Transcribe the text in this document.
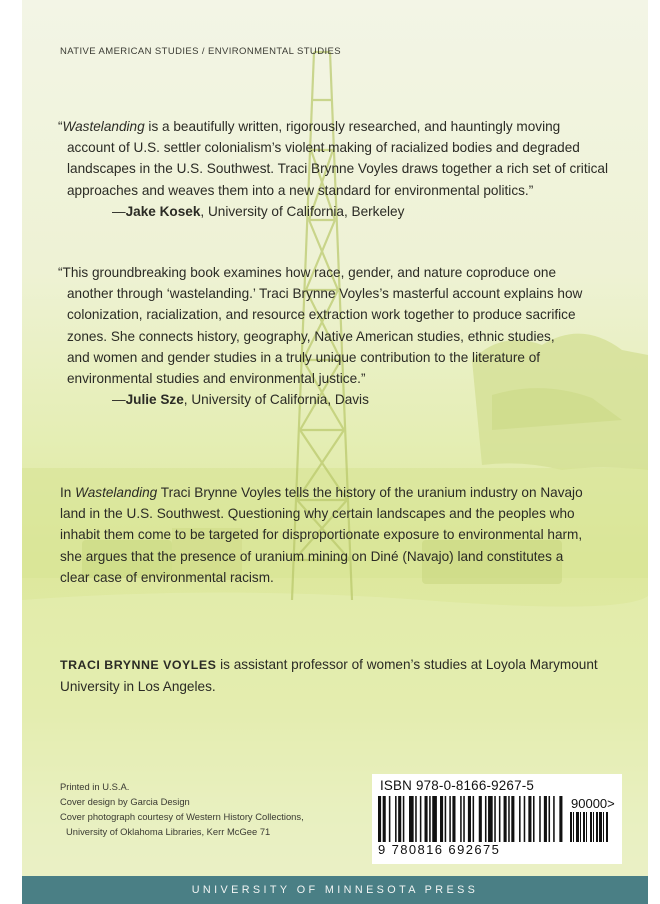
NATIVE AMERICAN STUDIES / ENVIRONMENTAL STUDIES

“Wastelanding is a beautifully written, rigorously researched, and hauntingly moving

account of U.S. settler colonialism’s violent making of racialized bodies and degraded

landscapes in the U.S. Southwest. Traci Brynne Voyles draws together a rich set of critical

approaches and weaves them into a new standard for environmental politics.”

—Jake Kosek, University of California, Berkeley

“This groundbreaking book examines how race, gender, and nature coproduce one

another through ‘wastelanding.’ Traci Brynne Voyles’s masterful account explains how

colonization, racialization, and resource extraction work together to produce sacrifice

zones. She connects history, geography, Native American studies, ethnic studies,

and women and gender studies in a truly unique contribution to the literature of

environmental studies and environmental justice.”

—Julie Sze, University of California, Davis

In Wastelanding Traci Brynne Voyles tells the history of the uranium industry on Navajo

land in the U.S. Southwest. Questioning why certain landscapes and the peoples who

inhabit them come to be targeted for disproportionate exposure to environmental harm,

she argues that the presence of uranium mining on Diné (Navajo) land constitutes a

clear case of environmental racism.

TRACI BRYNNE VOYLES is assistant professor of women’s studies at Loyola Marymount

University in Los Angeles.

Printed in U.S.A.
Cover design by Garcia Design
Cover photograph courtesy of Western History Collections,
University of Oklahoma Libraries, Kerr McGee 71
ISBN 978-0-8166-9267-5
90000>
9 780816 692675
UNIVERSITY OF MINNESOTA PRESS
